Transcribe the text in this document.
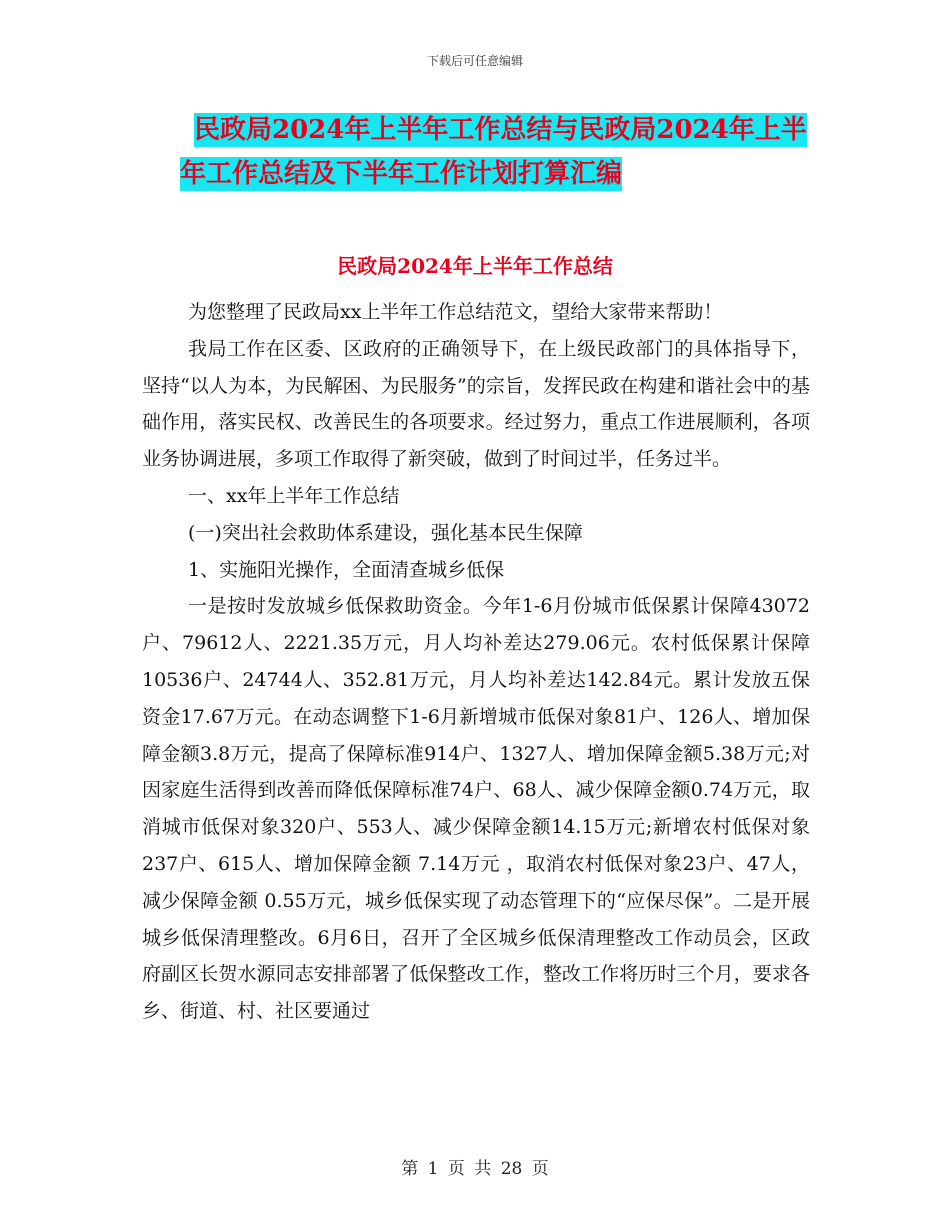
下载后可任意编辑
民政局2024年上半年工作总结与民政局2024年上半
年工作总结及下半年工作计划打算汇编
民政局2024年上半年工作总结

为您整理了民政局xx上半年工作总结范文，望给大家带来帮助！

我局工作在区委、区政府的正确领导下，在上级民政部门的具体指导下，坚持“以人为本，为民解困、为民服务”的宗旨，发挥民政在构建和谐社会中的基础作用，落实民权、改善民生的各项要求。经过努力，重点工作进展顺利，各项业务协调进展，多项工作取得了新突破，做到了时间过半，任务过半。

一、xx年上半年工作总结

(一)突出社会救助体系建设，强化基本民生保障

1、实施阳光操作，全面清查城乡低保

一是按时发放城乡低保救助资金。今年1-6月份城市低保累计保障43072户、79612人、2221.35万元，月人均补差达279.06元。农村低保累计保障10536户、24744人、352.81万元，月人均补差达142.84元。累计发放五保资金17.67万元。在动态调整下1-6月新增城市低保对象81户、126人、增加保障金额3.8万元，提高了保障标准914户、1327人、增加保障金额5.38万元;对因家庭生活得到改善而降低保障标准74户、68人、减少保障金额0.74万元，取消城市低保对象320户、553人、减少保障金额14.15万元;新增农村低保对象237户、615人、增加保障金额 7.14万元 ，取消农村低保对象23户、47人，减少保障金额 0.55万元，城乡低保实现了动态管理下的“应保尽保”。二是开展城乡低保清理整改。6月6日，召开了全区城乡低保清理整改工作动员会，区政府副区长贺水源同志安排部署了低保整改工作，整改工作将历时三个月，要求各乡、街道、村、社区要通过

第 1 页 共 28 页
